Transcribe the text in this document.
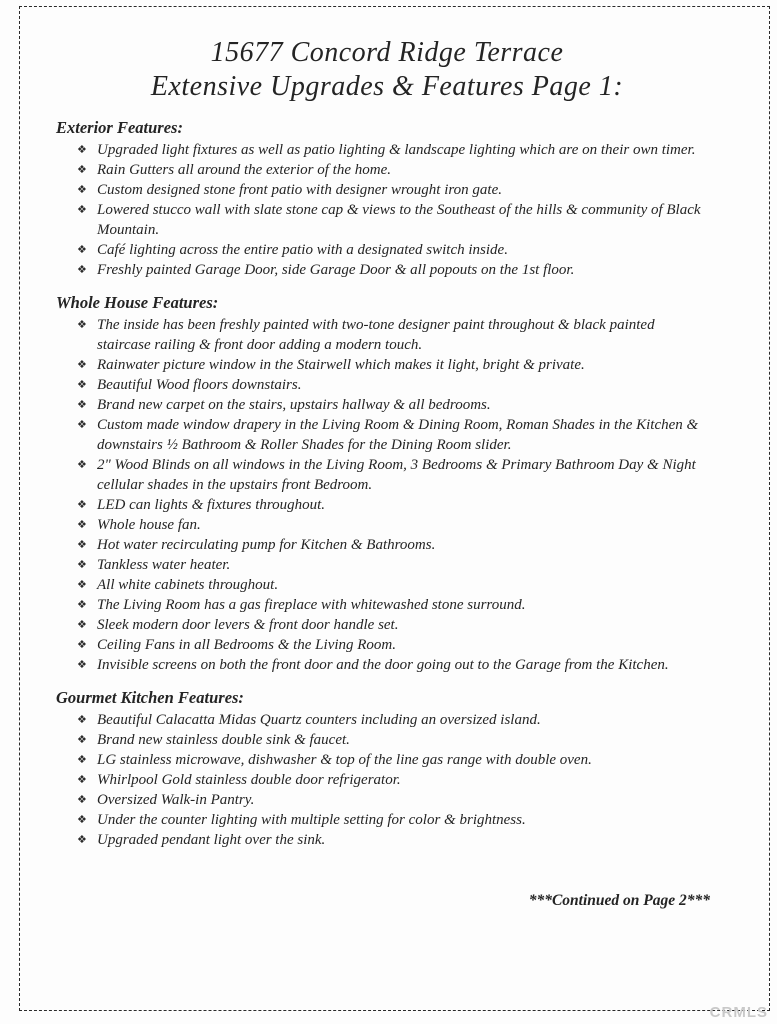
15677 Concord Ridge Terrace
Extensive Upgrades & Features Page 1:
Exterior Features:
❖ Upgraded light fixtures as well as patio lighting & landscape lighting which are on their own timer.
❖ Rain Gutters all around the exterior of the home.
❖ Custom designed stone front patio with designer wrought iron gate.
❖ Lowered stucco wall with slate stone cap & views to the Southeast of the hills & community of Black Mountain.
❖ Café lighting across the entire patio with a designated switch inside.
❖ Freshly painted Garage Door, side Garage Door & all popouts on the 1st floor.
Whole House Features:
❖ The inside has been freshly painted with two-tone designer paint throughout & black painted staircase railing & front door adding a modern touch.
❖ Rainwater picture window in the Stairwell which makes it light, bright & private.
❖ Beautiful Wood floors downstairs.
❖ Brand new carpet on the stairs, upstairs hallway & all bedrooms.
❖ Custom made window drapery in the Living Room & Dining Room, Roman Shades in the Kitchen & downstairs ½ Bathroom & Roller Shades for the Dining Room slider.
❖ 2" Wood Blinds on all windows in the Living Room, 3 Bedrooms & Primary Bathroom Day & Night cellular shades in the upstairs front Bedroom.
❖ LED can lights & fixtures throughout.
❖ Whole house fan.
❖ Hot water recirculating pump for Kitchen & Bathrooms.
❖ Tankless water heater.
❖ All white cabinets throughout.
❖ The Living Room has a gas fireplace with whitewashed stone surround.
❖ Sleek modern door levers & front door handle set.
❖ Ceiling Fans in all Bedrooms & the Living Room.
❖ Invisible screens on both the front door and the door going out to the Garage from the Kitchen.
Gourmet Kitchen Features:
❖ Beautiful Calacatta Midas Quartz counters including an oversized island.
❖ Brand new stainless double sink & faucet.
❖ LG stainless microwave, dishwasher & top of the line gas range with double oven.
❖ Whirlpool Gold stainless double door refrigerator.
❖ Oversized Walk-in Pantry.
❖ Under the counter lighting with multiple setting for color & brightness.
❖ Upgraded pendant light over the sink.
***Continued on Page 2***
CRMLS
